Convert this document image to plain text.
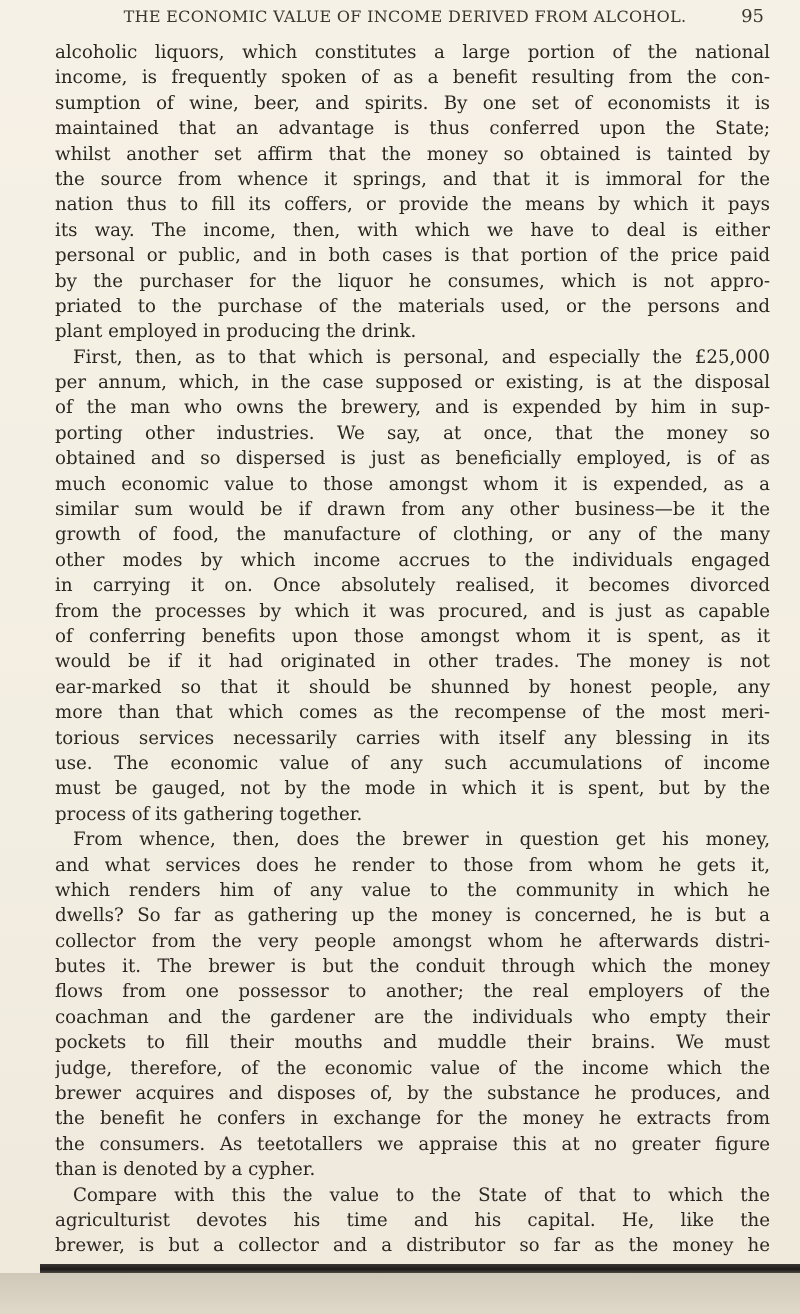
THE ECONOMIC VALUE OF INCOME DERIVED FROM ALCOHOL.	95
alcoholic liquors, which constitutes a large portion of the national
income, is frequently spoken of as a benefit resulting from the con-
sumption of wine, beer, and spirits. By one set of economists it is
maintained that an advantage is thus conferred upon the State;
whilst another set affirm that the money so obtained is tainted by
the source from whence it springs, and that it is immoral for the
nation thus to fill its coffers, or provide the means by which it pays
its way. The income, then, with which we have to deal is either
personal or public, and in both cases is that portion of the price paid
by the purchaser for the liquor he consumes, which is not appro-
priated to the purchase of the materials used, or the persons and
plant employed in producing the drink.
First, then, as to that which is personal, and especially the £25,000
per annum, which, in the case supposed or existing, is at the disposal
of the man who owns the brewery, and is expended by him in sup-
porting other industries. We say, at once, that the money so
obtained and so dispersed is just as beneficially employed, is of as
much economic value to those amongst whom it is expended, as a
similar sum would be if drawn from any other business—be it the
growth of food, the manufacture of clothing, or any of the many
other modes by which income accrues to the individuals engaged
in carrying it on. Once absolutely realised, it becomes divorced
from the processes by which it was procured, and is just as capable
of conferring benefits upon those amongst whom it is spent, as it
would be if it had originated in other trades. The money is not
ear-marked so that it should be shunned by honest people, any
more than that which comes as the recompense of the most meri-
torious services necessarily carries with itself any blessing in its
use. The economic value of any such accumulations of income
must be gauged, not by the mode in which it is spent, but by the
process of its gathering together.
From whence, then, does the brewer in question get his money,
and what services does he render to those from whom he gets it,
which renders him of any value to the community in which he
dwells? So far as gathering up the money is concerned, he is but a
collector from the very people amongst whom he afterwards distri-
butes it. The brewer is but the conduit through which the money
flows from one possessor to another; the real employers of the
coachman and the gardener are the individuals who empty their
pockets to fill their mouths and muddle their brains. We must
judge, therefore, of the economic value of the income which the
brewer acquires and disposes of, by the substance he produces, and
the benefit he confers in exchange for the money he extracts from
the consumers. As teetotallers we appraise this at no greater figure
than is denoted by a cypher.
Compare with this the value to the State of that to which the
agriculturist devotes his time and his capital. He, like the
brewer, is but a collector and a distributor so far as the money he
